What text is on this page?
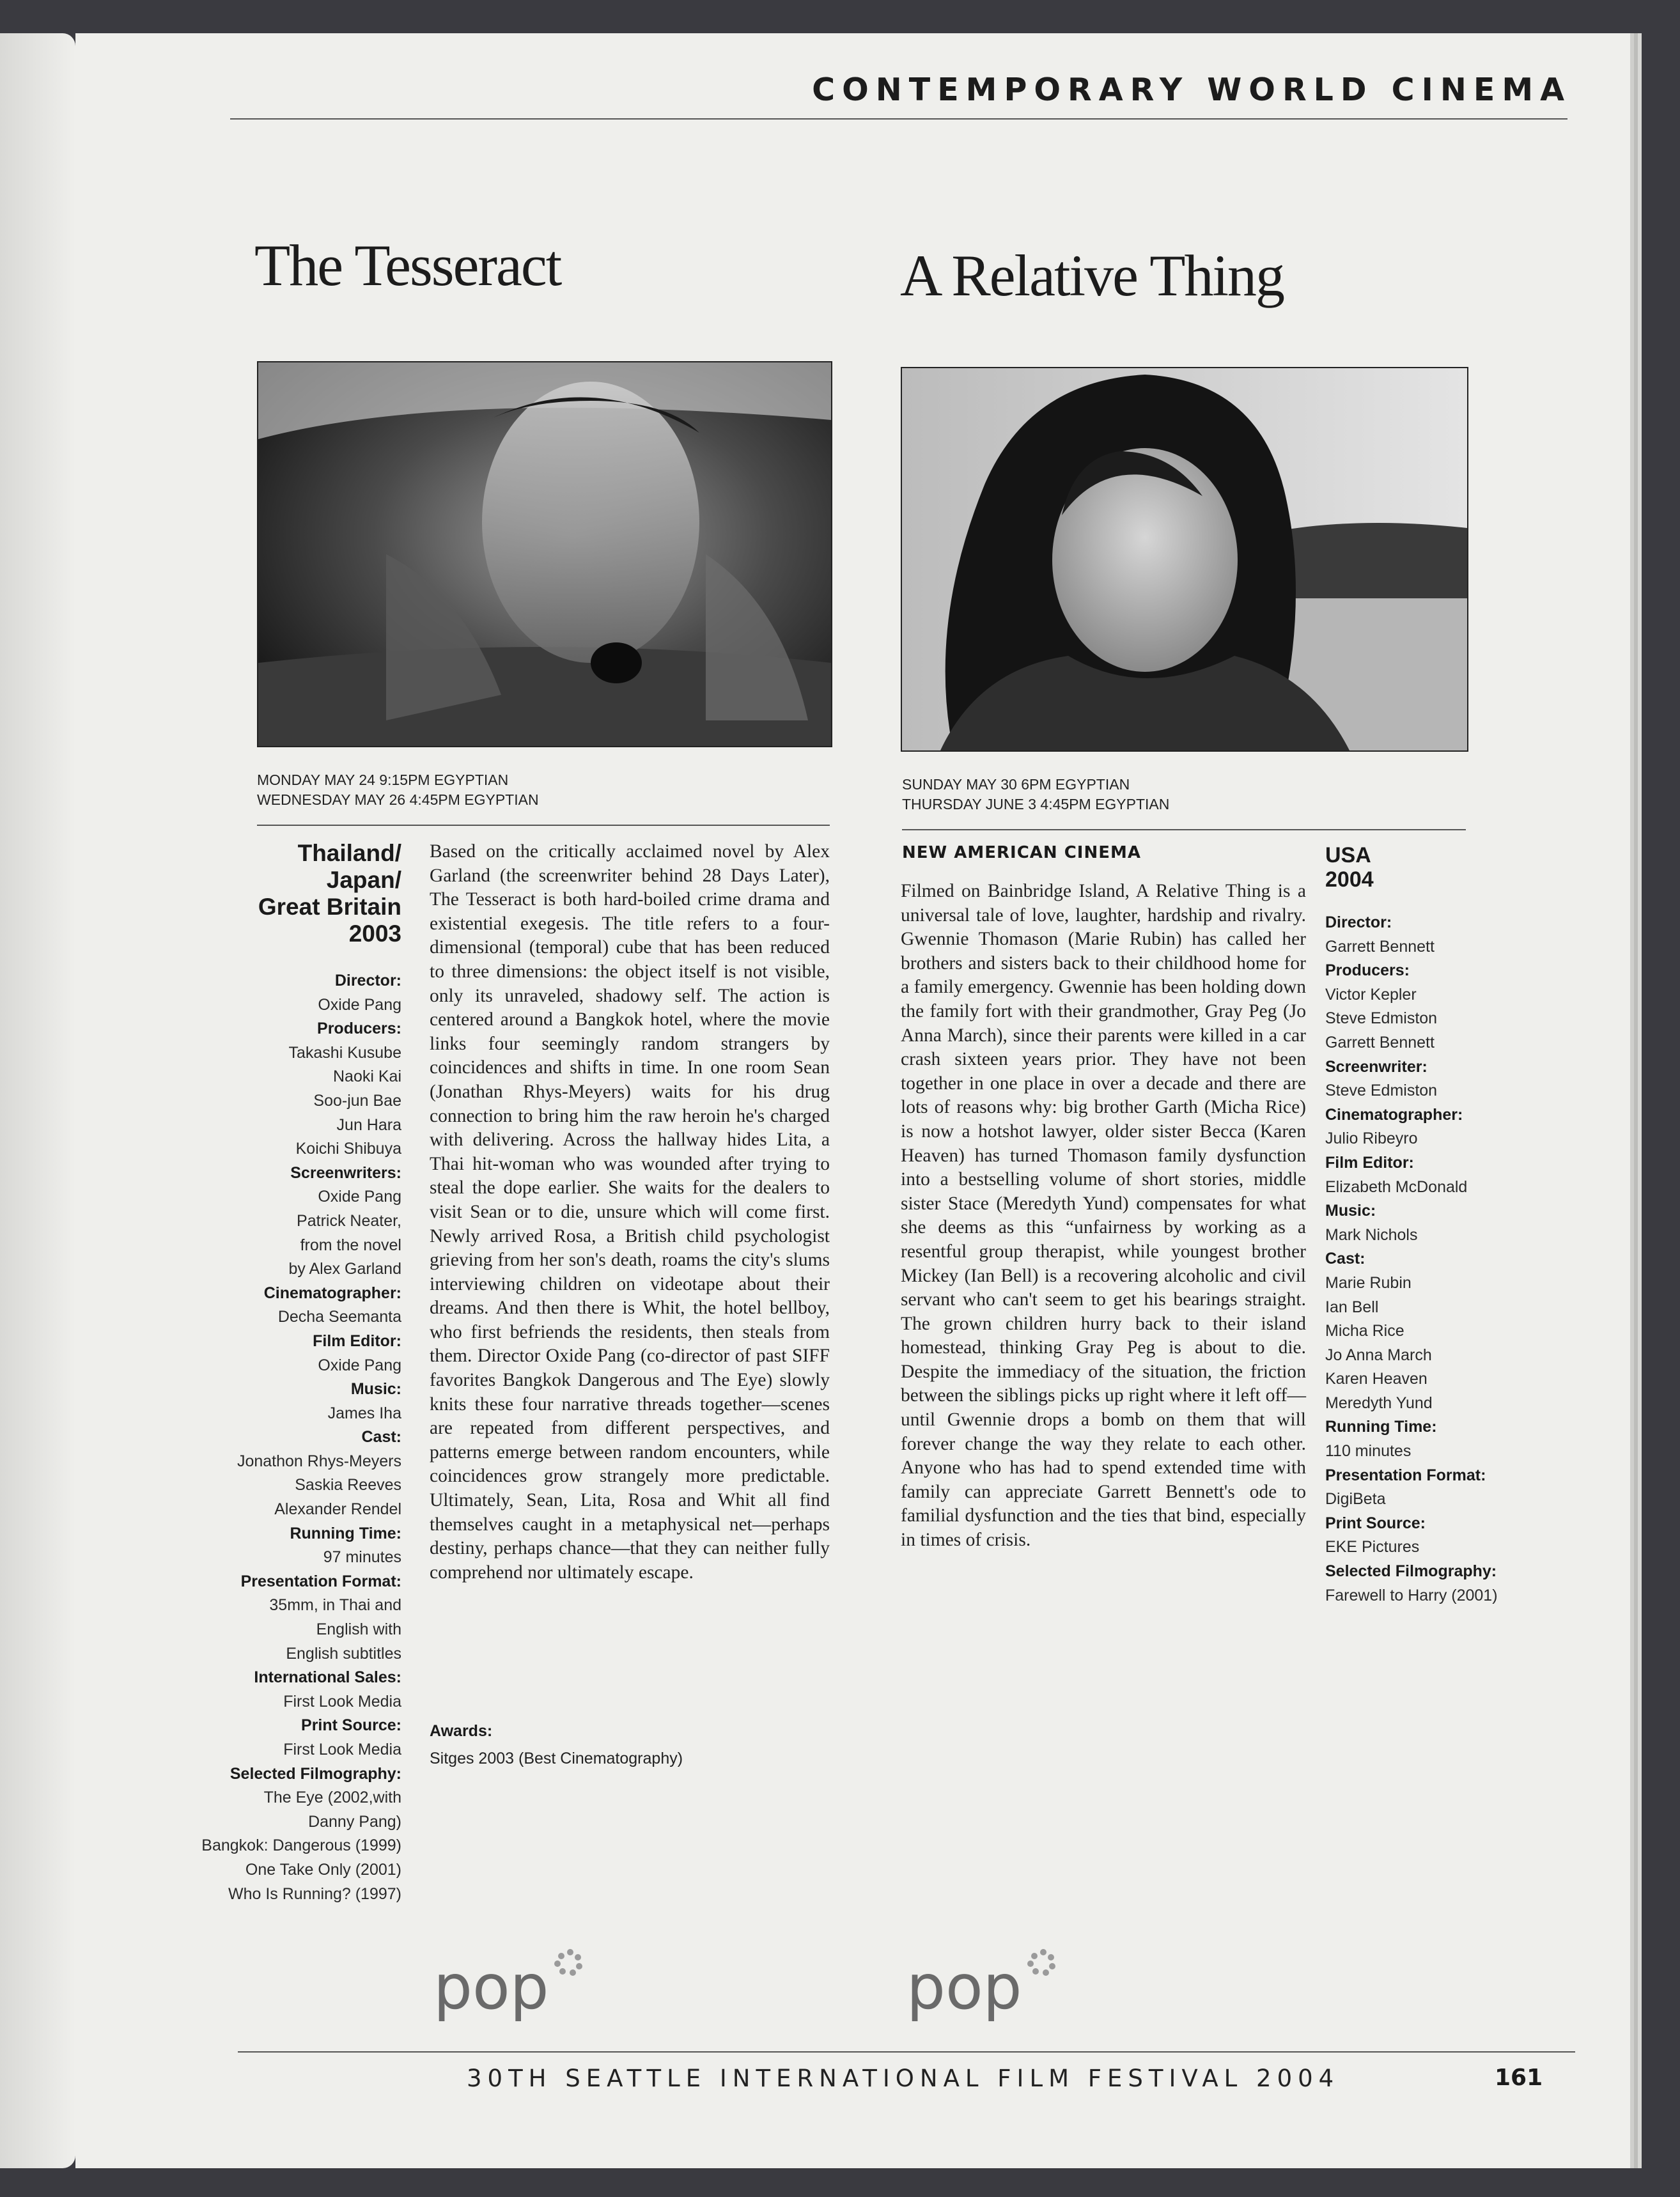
CONTEMPORARY WORLD CINEMA
The Tesseract
MONDAY MAY 24 9:15PM EGYPTIAN
WEDNESDAY MAY 26 4:45PM EGYPTIAN
Thailand/
Japan/
Great Britain
2003
Director:
Oxide Pang
Producers:
Takashi Kusube
Naoki Kai
Soo-jun Bae
Jun Hara
Koichi Shibuya
Screenwriters:
Oxide Pang
Patrick Neater,
from the novel
by Alex Garland
Cinematographer:
Decha Seemanta
Film Editor:
Oxide Pang
Music:
James Iha
Cast:
Jonathon Rhys-Meyers
Saskia Reeves
Alexander Rendel
Running Time:
97 minutes
Presentation Format:
35mm, in Thai and
English with
English subtitles
International Sales:
First Look Media
Print Source:
First Look Media
Selected Filmography:
The Eye (2002,with
Danny Pang)
Bangkok: Dangerous (1999)
One Take Only (2001)
Who Is Running? (1997)
Based on the critically acclaimed novel by Alex Garland (the screenwriter behind 28 Days Later), The Tesseract is both hard-boiled crime drama and existential exegesis. The title refers to a four-dimensional (temporal) cube that has been reduced to three dimensions: the object itself is not visible, only its unraveled, shadowy self. The action is centered around a Bangkok hotel, where the movie links four seemingly random strangers by coincidences and shifts in time. In one room Sean (Jonathan Rhys-Meyers) waits for his drug connection to bring him the raw heroin he's charged with delivering. Across the hallway hides Lita, a Thai hit-woman who was wounded after trying to steal the dope earlier. She waits for the dealers to visit Sean or to die, unsure which will come first. Newly arrived Rosa, a British child psychologist grieving from her son's death, roams the city's slums interviewing children on videotape about their dreams. And then there is Whit, the hotel bellboy, who first befriends the residents, then steals from them. Director Oxide Pang (co-director of past SIFF favorites Bangkok Dangerous and The Eye) slowly knits these four narrative threads together—scenes are repeated from different perspectives, and patterns emerge between random encounters, while coincidences grow strangely more predictable. Ultimately, Sean, Lita, Rosa and Whit all find themselves caught in a metaphysical net—perhaps destiny, perhaps chance—that they can neither fully comprehend nor ultimately escape.
Awards:
Sitges 2003 (Best Cinematography)
pop
A Relative Thing
SUNDAY MAY 30 6PM EGYPTIAN
THURSDAY JUNE 3 4:45PM EGYPTIAN
NEW AMERICAN CINEMA
Filmed on Bainbridge Island, A Relative Thing is a universal tale of love, laughter, hardship and rivalry. Gwennie Thomason (Marie Rubin) has called her brothers and sisters back to their childhood home for a family emergency. Gwennie has been holding down the family fort with their grandmother, Gray Peg (Jo Anna March), since their parents were killed in a car crash sixteen years prior. They have not been together in one place in over a decade and there are lots of reasons why: big brother Garth (Micha Rice) is now a hotshot lawyer, older sister Becca (Karen Heaven) has turned Thomason family dysfunction into a bestselling volume of short stories, middle sister Stace (Meredyth Yund) compensates for what she deems as this “unfairness by working as a resentful group therapist, while youngest brother Mickey (Ian Bell) is a recovering alcoholic and civil servant who can't seem to get his bearings straight. The grown children hurry back to their island homestead, thinking Gray Peg is about to die. Despite the immediacy of the situation, the friction between the siblings picks up right where it left off—until Gwennie drops a bomb on them that will forever change the way they relate to each other. Anyone who has had to spend extended time with family can appreciate Garrett Bennett's ode to familial dysfunction and the ties that bind, especially in times of crisis.
USA
2004
Director:
Garrett Bennett
Producers:
Victor Kepler
Steve Edmiston
Garrett Bennett
Screenwriter:
Steve Edmiston
Cinematographer:
Julio Ribeyro
Film Editor:
Elizabeth McDonald
Music:
Mark Nichols
Cast:
Marie Rubin
Ian Bell
Micha Rice
Jo Anna March
Karen Heaven
Meredyth Yund
Running Time:
110 minutes
Presentation Format:
DigiBeta
Print Source:
EKE Pictures
Selected Filmography:
Farewell to Harry (2001)
pop
30TH SEATTLE INTERNATIONAL FILM FESTIVAL 2004	161
